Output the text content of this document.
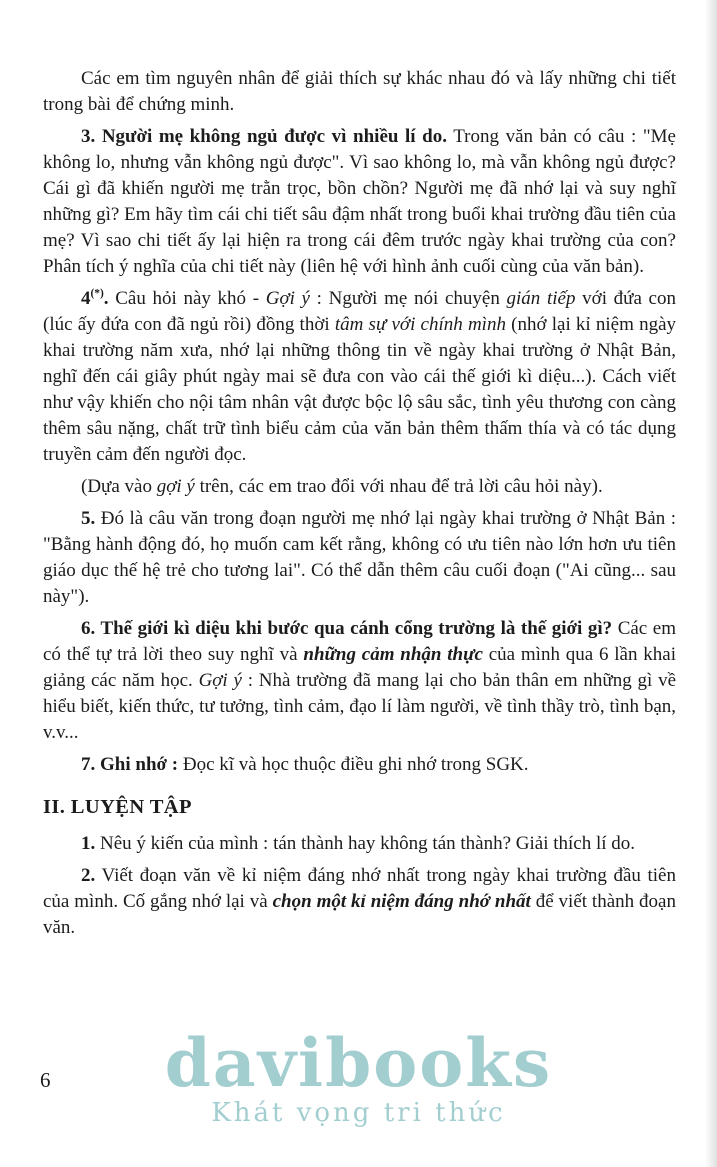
Các em tìm nguyên nhân để giải thích sự khác nhau đó và lấy những chi tiết trong bài để chứng minh.

3. Người mẹ không ngủ được vì nhiều lí do. Trong văn bản có câu : "Mẹ không lo, nhưng vẫn không ngủ được". Vì sao không lo, mà vẫn không ngủ được? Cái gì đã khiến người mẹ trằn trọc, bồn chồn? Người mẹ đã nhớ lại và suy nghĩ những gì? Em hãy tìm cái chi tiết sâu đậm nhất trong buổi khai trường đầu tiên của mẹ? Vì sao chi tiết ấy lại hiện ra trong cái đêm trước ngày khai trường của con? Phân tích ý nghĩa của chi tiết này (liên hệ với hình ảnh cuối cùng của văn bản).

4(*). Câu hỏi này khó - Gợi ý : Người mẹ nói chuyện gián tiếp với đứa con (lúc ấy đứa con đã ngủ rồi) đồng thời tâm sự với chính mình (nhớ lại kỉ niệm ngày khai trường năm xưa, nhớ lại những thông tin về ngày khai trường ở Nhật Bản, nghĩ đến cái giây phút ngày mai sẽ đưa con vào cái thế giới kì diệu...). Cách viết như vậy khiến cho nội tâm nhân vật được bộc lộ sâu sắc, tình yêu thương con càng thêm sâu nặng, chất trữ tình biểu cảm của văn bản thêm thấm thía và có tác dụng truyền cảm đến người đọc.

(Dựa vào gợi ý trên, các em trao đổi với nhau để trả lời câu hỏi này).

5. Đó là câu văn trong đoạn người mẹ nhớ lại ngày khai trường ở Nhật Bản : "Bằng hành động đó, họ muốn cam kết rằng, không có ưu tiên nào lớn hơn ưu tiên giáo dục thế hệ trẻ cho tương lai". Có thể dẫn thêm câu cuối đoạn ("Ai cũng... sau này").

6. Thế giới kì diệu khi bước qua cánh cổng trường là thế giới gì? Các em có thể tự trả lời theo suy nghĩ và những cảm nhận thực của mình qua 6 lần khai giảng các năm học. Gợi ý : Nhà trường đã mang lại cho bản thân em những gì về hiểu biết, kiến thức, tư tưởng, tình cảm, đạo lí làm người, về tình thầy trò, tình bạn, v.v...

7. Ghi nhớ : Đọc kĩ và học thuộc điều ghi nhớ trong SGK.

II. LUYỆN TẬP

1. Nêu ý kiến của mình : tán thành hay không tán thành? Giải thích lí do.

2. Viết đoạn văn về kỉ niệm đáng nhớ nhất trong ngày khai trường đầu tiên của mình. Cố gắng nhớ lại và chọn một kỉ niệm đáng nhớ nhất để viết thành đoạn văn.

6	davibooks
Khát vọng tri thức
